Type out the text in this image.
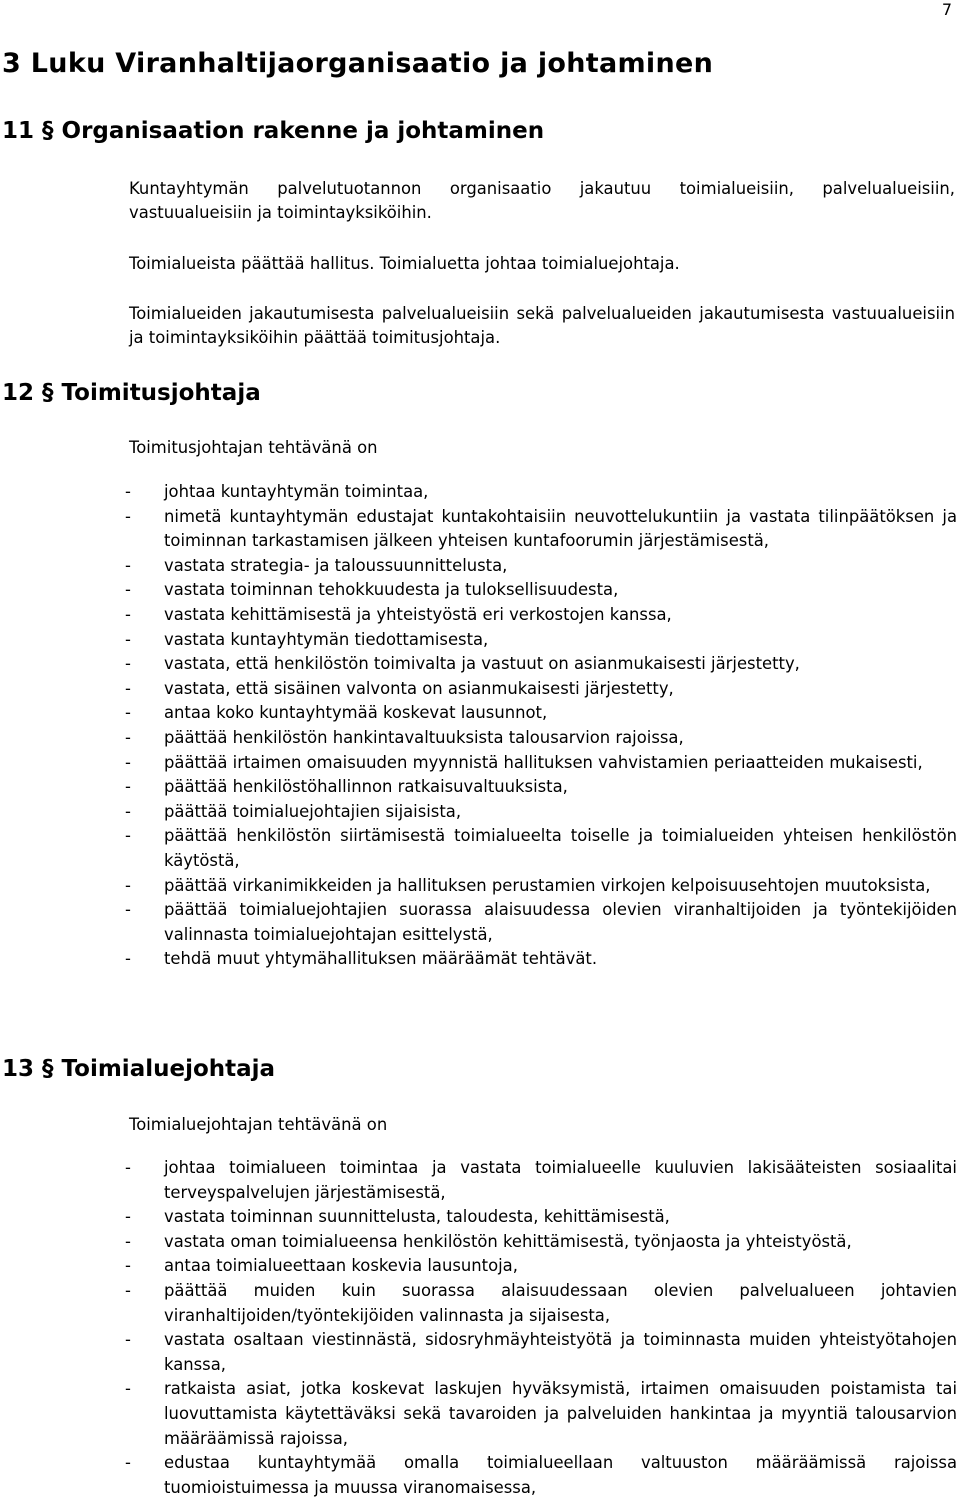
7
3 Luku Viranhaltijaorganisaatio ja johtaminen
11 § Organisaation rakenne ja johtaminen

Kuntayhtymän palvelutuotannon organisaatio jakautuu toimialueisiin, palvelualueisiin, vastuualueisiin ja toimintayksiköihin.

Toimialueista päättää hallitus. Toimialuetta johtaa toimialuejohtaja.

Toimialueiden jakautumisesta palvelualueisiin sekä palvelualueiden jakautumisesta vastuualueisiin ja toimintayksiköihin päättää toimitusjohtaja.

12 § Toimitusjohtaja

Toimitusjohtajan tehtävänä on

- johtaa kuntayhtymän toimintaa,
- nimetä kuntayhtymän edustajat kuntakohtaisiin neuvottelukuntiin ja vastata tilinpäätöksen ja toiminnan tarkastamisen jälkeen yhteisen kuntafoorumin järjestämisestä,
- vastata strategia- ja taloussuunnittelusta,
- vastata toiminnan tehokkuudesta ja tuloksellisuudesta,
- vastata kehittämisestä ja yhteistyöstä eri verkostojen kanssa,
- vastata kuntayhtymän tiedottamisesta,
- vastata, että henkilöstön toimivalta ja vastuut on asianmukaisesti järjestetty,
- vastata, että sisäinen valvonta on asianmukaisesti järjestetty,
- antaa koko kuntayhtymää koskevat lausunnot,
- päättää henkilöstön hankintavaltuuksista talousarvion rajoissa,
- päättää irtaimen omaisuuden myynnistä hallituksen vahvistamien periaatteiden mukaisesti,
- päättää henkilöstöhallinnon ratkaisuvaltuuksista,
- päättää toimialuejohtajien sijaisista,
- päättää henkilöstön siirtämisestä toimialueelta toiselle ja toimialueiden yhteisen henkilöstön käytöstä,
- päättää virkanimikkeiden ja hallituksen perustamien virkojen kelpoisuusehtojen muutoksista,
- päättää toimialuejohtajien suorassa alaisuudessa olevien viranhaltijoiden ja työntekijöiden valinnasta toimialuejohtajan esittelystä,
- tehdä muut yhtymähallituksen määräämät tehtävät.
13 § Toimialuejohtaja

Toimialuejohtajan tehtävänä on

- johtaa toimialueen toimintaa ja vastata toimialueelle kuuluvien lakisääteisten sosiaalitai terveyspalvelujen järjestämisestä,
- vastata toiminnan suunnittelusta, taloudesta, kehittämisestä,
- vastata oman toimialueensa henkilöstön kehittämisestä, työnjaosta ja yhteistyöstä,
- antaa toimialueettaan koskevia lausuntoja,
- päättää muiden kuin suorassa alaisuudessaan olevien palvelualueen johtavien viranhaltijoiden/työntekijöiden valinnasta ja sijaisesta,
- vastata osaltaan viestinnästä, sidosryhmäyhteistyötä ja toiminnasta muiden yhteistyötahojen kanssa,
- ratkaista asiat, jotka koskevat laskujen hyväksymistä, irtaimen omaisuuden poistamista tai luovuttamista käytettäväksi sekä tavaroiden ja palveluiden hankintaa ja myyntiä talousarvion määräämissä rajoissa,
- edustaa kuntayhtymää omalla toimialueellaan valtuuston määräämissä rajoissa tuomioistuimessa ja muussa viranomaisessa,
